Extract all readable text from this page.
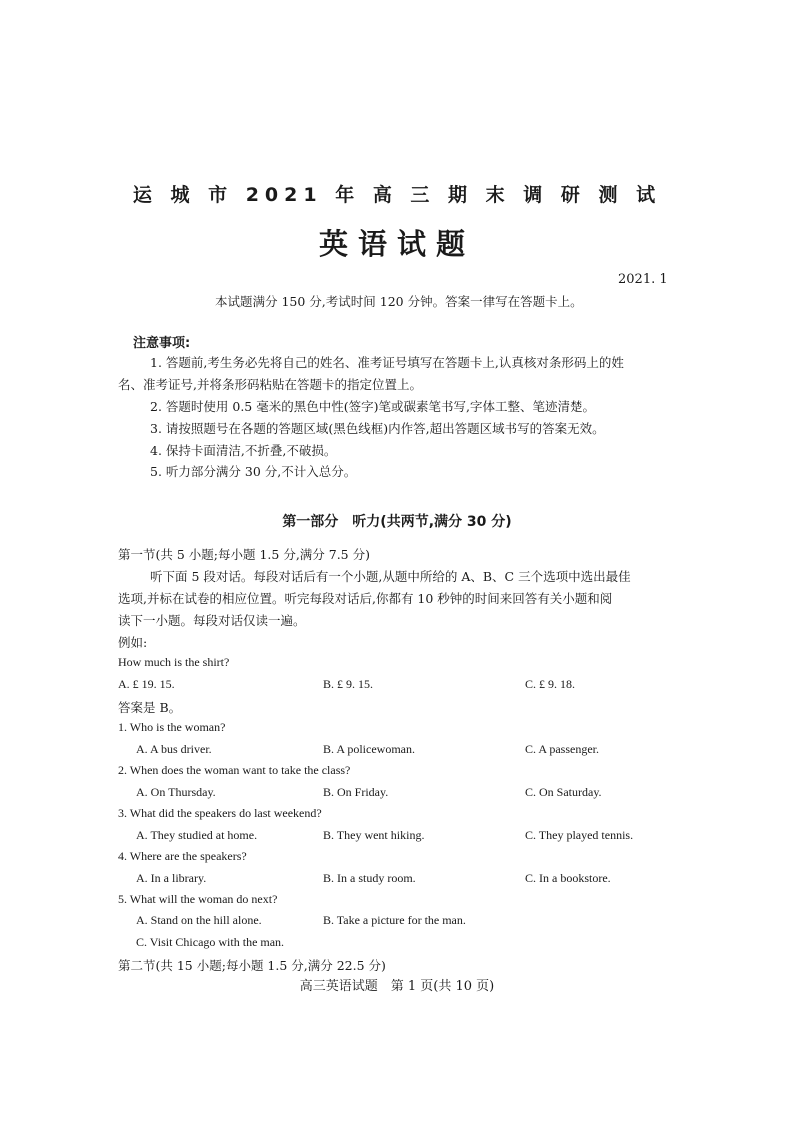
运 城 市 2021 年 高 三 期 末 调 研 测 试
英语试题
2021. 1
本试题满分 150 分,考试时间 120 分钟。答案一律写在答题卡上。
注意事项:
1. 答题前,考生务必先将自己的姓名、准考证号填写在答题卡上,认真核对条形码上的姓
名、准考证号,并将条形码粘贴在答题卡的指定位置上。
2. 答题时使用 0.5 毫米的黑色中性(签字)笔或碳素笔书写,字体工整、笔迹清楚。
3. 请按照题号在各题的答题区域(黑色线框)内作答,超出答题区域书写的答案无效。
4. 保持卡面清洁,不折叠,不破损。
5. 听力部分满分 30 分,不计入总分。
第一部分　听力(共两节,满分 30 分)
第一节(共 5 小题;每小题 1.5 分,满分 7.5 分)
听下面 5 段对话。每段对话后有一个小题,从题中所给的 A、B、C 三个选项中选出最佳
选项,并标在试卷的相应位置。听完每段对话后,你都有 10 秒钟的时间来回答有关小题和阅
读下一小题。每段对话仅读一遍。
例如:
How much is the shirt?
A. £ 19. 15.	B. £ 9. 15.	C. £ 9. 18.
答案是 B。
1. Who is the woman?
A. A bus driver.	B. A policewoman.	C. A passenger.
2. When does the woman want to take the class?
A. On Thursday.	B. On Friday.	C. On Saturday.
3. What did the speakers do last weekend?
A. They studied at home.	B. They went hiking.	C. They played tennis.
4. Where are the speakers?
A. In a library.	B. In a study room.	C. In a bookstore.
5. What will the woman do next?
A. Stand on the hill alone.	B. Take a picture for the man.
C. Visit Chicago with the man.
第二节(共 15 小题;每小题 1.5 分,满分 22.5 分)
高三英语试题　第 1 页(共 10 页)
